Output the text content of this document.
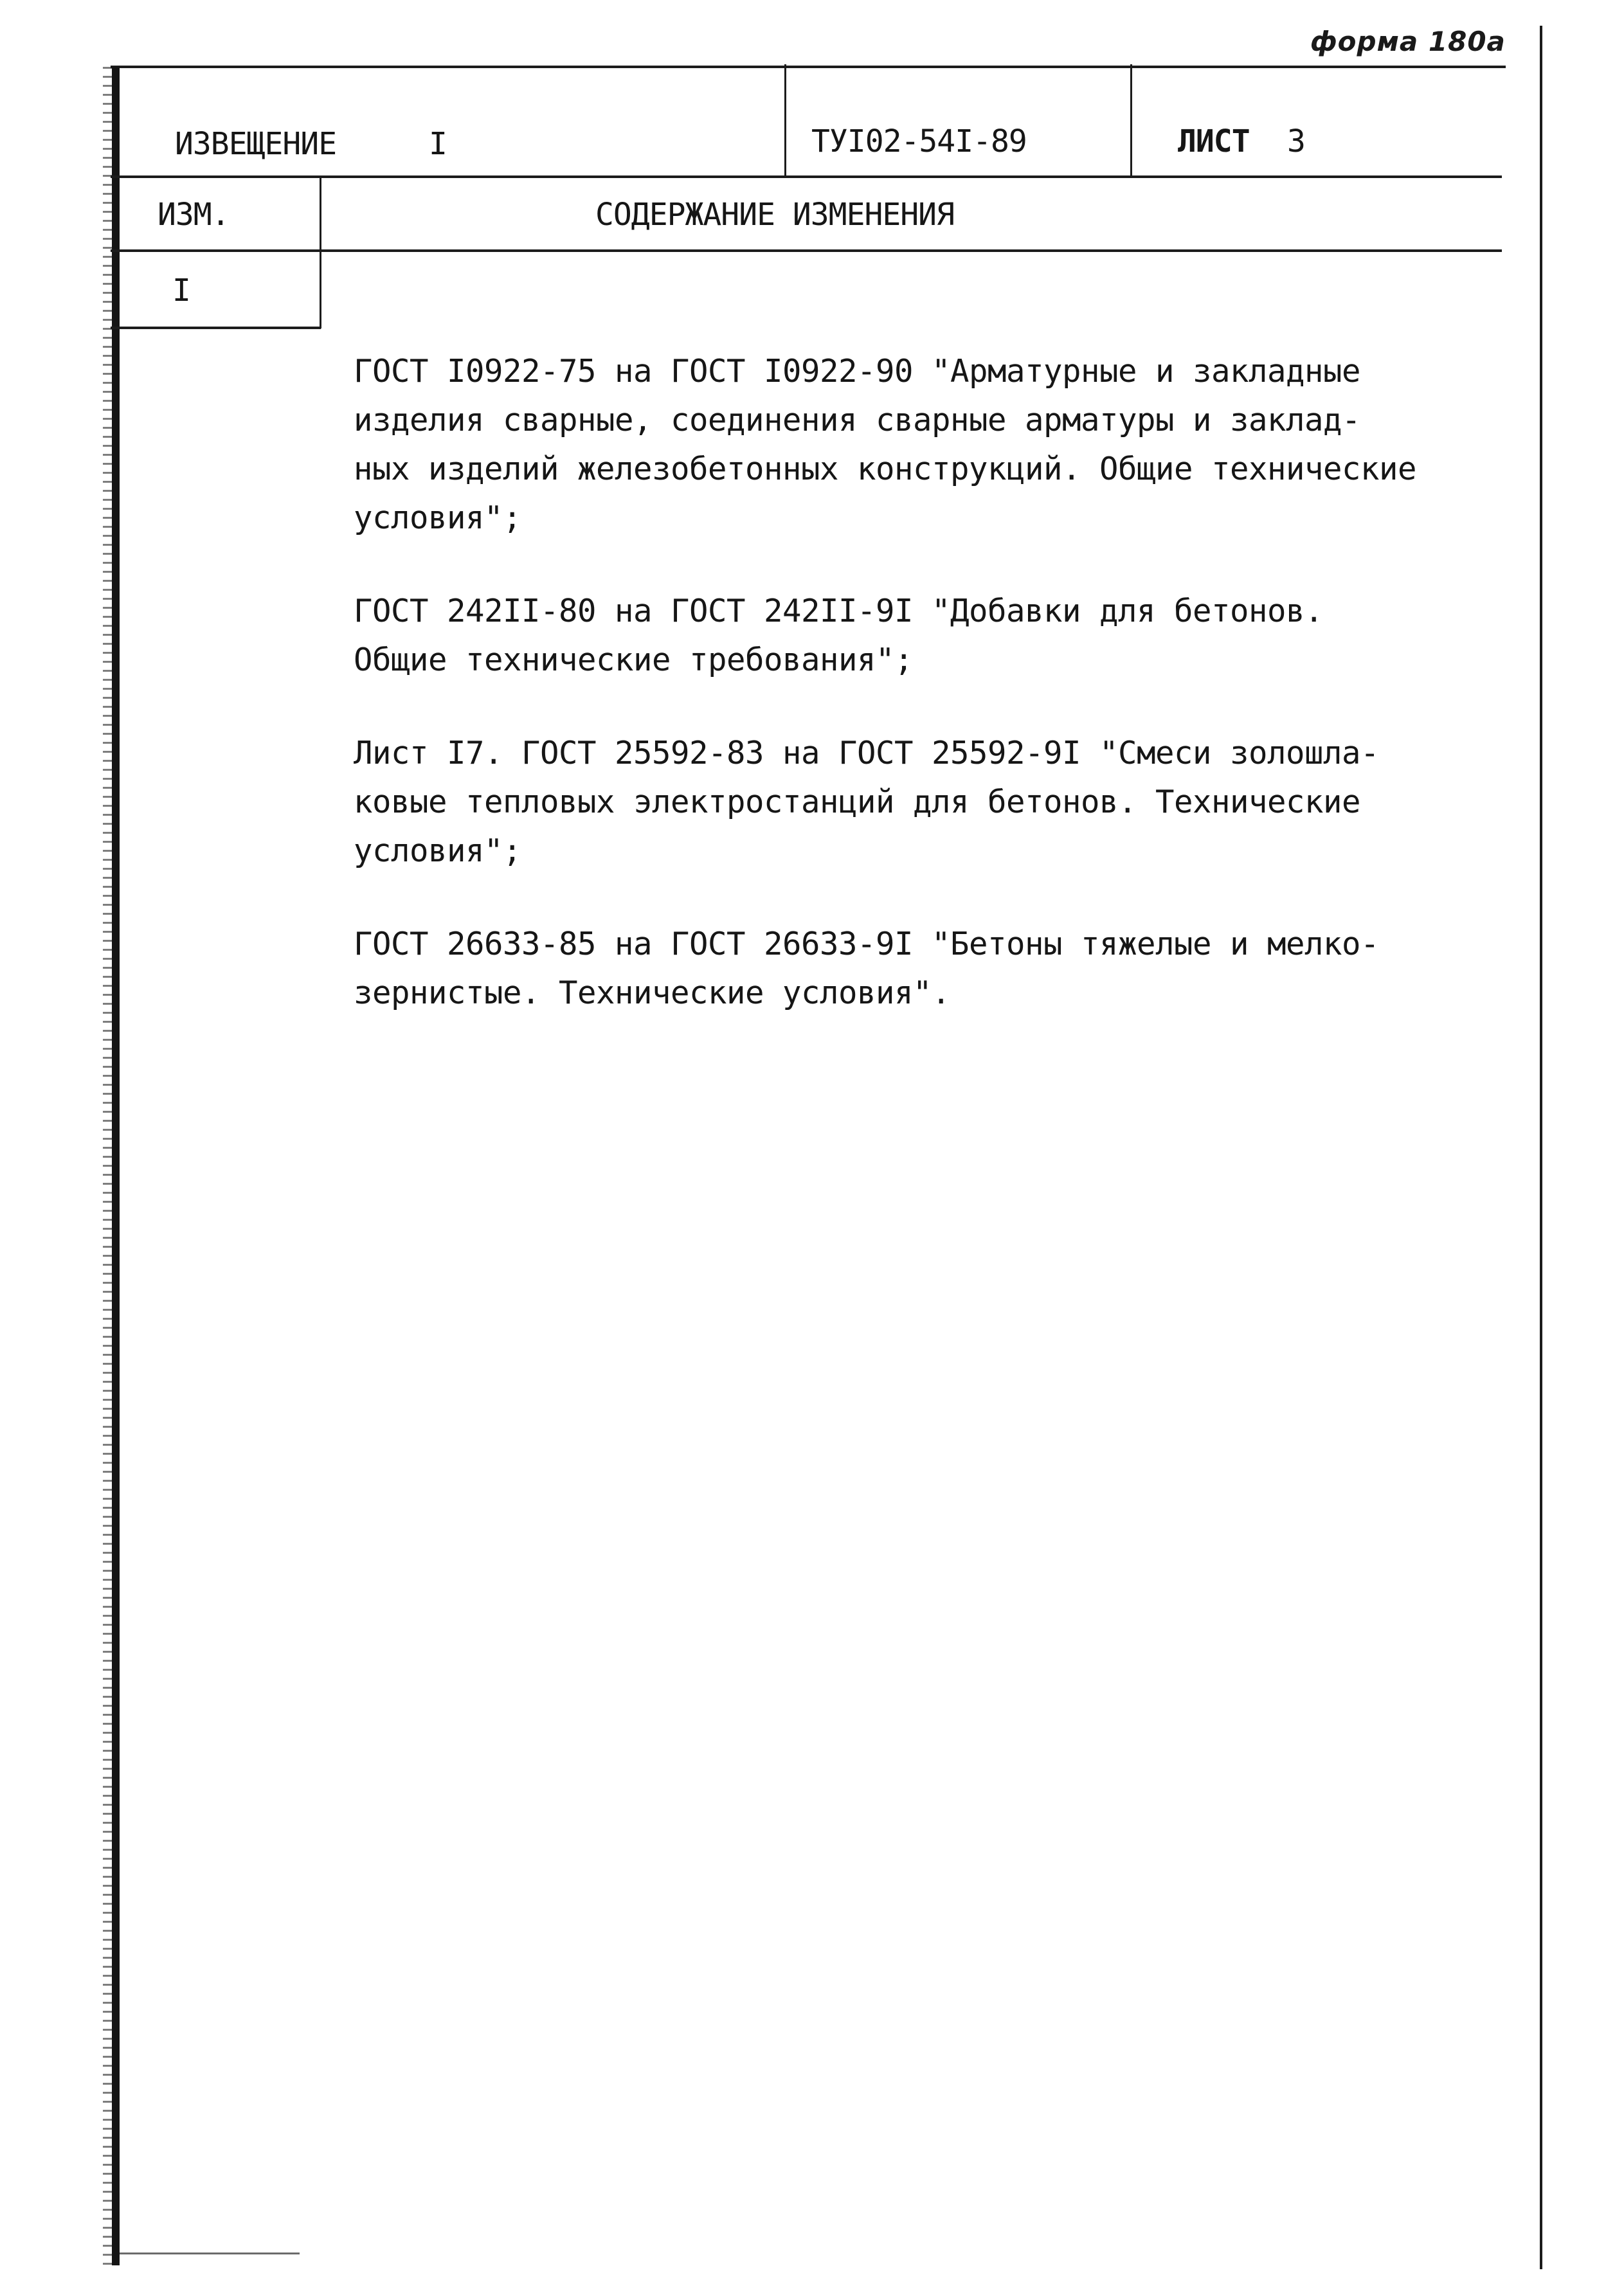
форма 180а
ИЗВЕЩЕНИЕ	I	ТУI02-54I-89	ЛИСТ 3
ИЗМ.	СОДЕРЖАНИЕ ИЗМЕНЕНИЯ
I

ГОСТ I0922-75 на ГОСТ I0922-90 "Арматурные и закладные
изделия сварные, соединения сварные арматуры и заклад-
ных изделий железобетонных конструкций. Общие технические
условия";

ГОСТ 242II-80 на ГОСТ 242II-9I "Добавки для бетонов.
Общие технические требования";

Лист I7. ГОСТ 25592-83 на ГОСТ 25592-9I "Смеси золошла-
ковые тепловых электростанций для бетонов. Технические
условия";

ГОСТ 26633-85 на ГОСТ 26633-9I "Бетоны тяжелые и мелко-
зернистые. Технические условия".
